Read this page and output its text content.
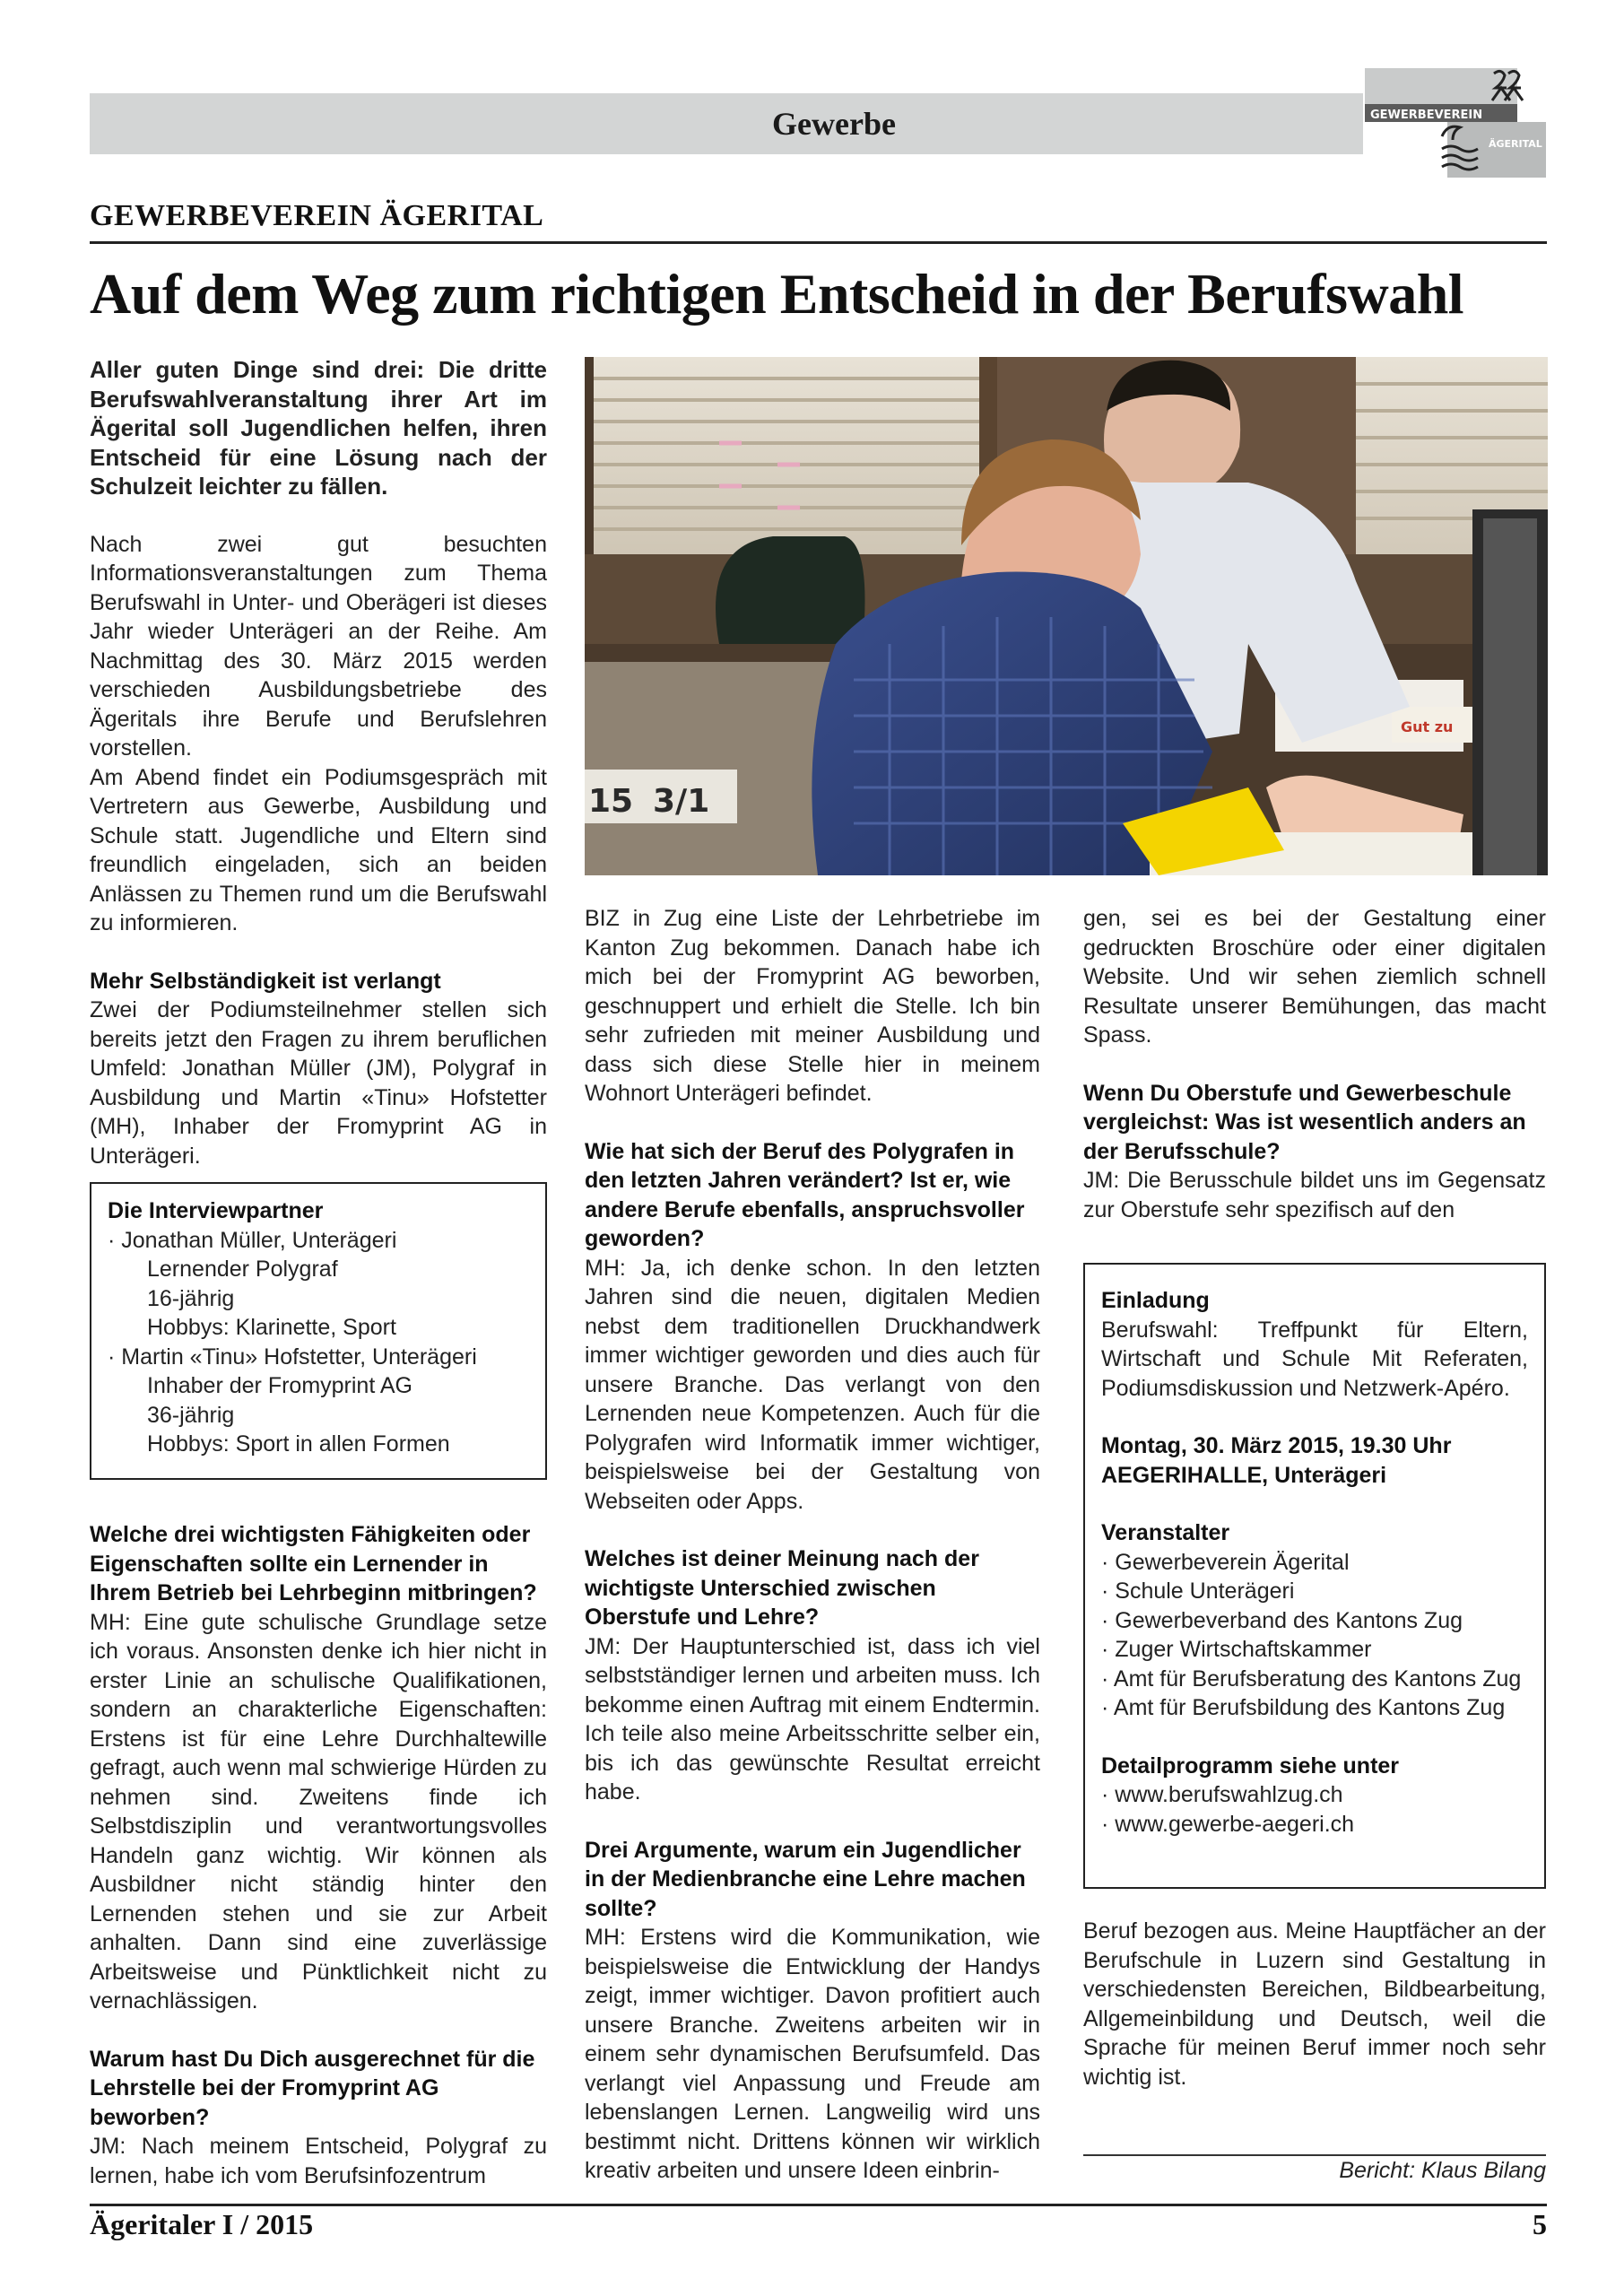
Gewerbe	GEWERBEVEREIN
ÄGERITAL
GEWERBEVEREIN ÄGERITAL
Auf dem Weg zum richtigen Entscheid in der Berufswahl

Aller guten Dinge sind drei: Die dritte Berufswahlveranstaltung ihrer Art im Ägerital soll Jugendlichen helfen, ihren Entscheid für eine Lösung nach der Schulzeit leichter zu fällen.

Nach zwei gut besuchten Informationsveranstaltungen zum Thema Berufswahl in Unter- und Oberägeri ist dieses Jahr wieder Unterägeri an der Reihe. Am Nachmittag des 30. März 2015 werden verschieden Ausbildungsbetriebe des Ägeritals ihre Berufe und Berufslehren vorstellen.

Am Abend findet ein Podiumsgespräch mit Vertretern aus Gewerbe, Ausbildung und Schule statt. Jugendliche und Eltern sind freundlich eingeladen, sich an beiden Anlässen zu Themen rund um die Berufswahl zu informieren.

Mehr Selbständigkeit ist verlangt

Zwei der Podiumsteilnehmer stellen sich bereits jetzt den Fragen zu ihrem beruflichen Umfeld: Jonathan Müller (JM), Polygraf in Ausbildung und Martin «Tinu» Hofstetter (MH), Inhaber der Fromyprint AG in Unterägeri.

Die Interviewpartner
· Jonathan Müller, Unterägeri
Lernender Polygraf
16-jährig
Hobbys: Klarinette, Sport
· Martin «Tinu» Hofstetter, Unterägeri
Inhaber der Fromyprint AG
36-jährig
Hobbys: Sport in allen Formen

Welche drei wichtigsten Fähigkeiten oder Eigenschaften sollte ein Lernender in Ihrem Betrieb bei Lehrbeginn mitbringen?

MH: Eine gute schulische Grundlage setze ich voraus. Ansonsten denke ich hier nicht in erster Linie an schulische Qualifikationen, sondern an charakterliche Eigenschaften: Erstens ist für eine Lehre Durchhaltewille gefragt, auch wenn mal schwierige Hürden zu nehmen sind. Zweitens finde ich Selbstdisziplin und verantwortungsvolles Handeln ganz wichtig. Wir können als Ausbildner nicht ständig hinter den Lernenden stehen und sie zur Arbeit anhalten. Dann sind eine zuverlässige Arbeitsweise und Pünktlichkeit nicht zu vernachlässigen.

Warum hast Du Dich ausgerechnet für die Lehrstelle bei der Fromyprint AG beworben?

JM: Nach meinem Entscheid, Polygraf zu lernen, habe ich vom Berufsinfozentrum

15 3/1
Gut zu

BIZ in Zug eine Liste der Lehrbetriebe im Kanton Zug bekommen. Danach habe ich mich bei der Fromyprint AG beworben, geschnuppert und erhielt die Stelle. Ich bin sehr zufrieden mit meiner Ausbildung und dass sich diese Stelle hier in meinem Wohnort Unterägeri befindet.

Wie hat sich der Beruf des Polygrafen in den letzten Jahren verändert? Ist er, wie andere Berufe ebenfalls, anspruchsvoller geworden?

MH: Ja, ich denke schon. In den letzten Jahren sind die neuen, digitalen Medien nebst dem traditionellen Druckhandwerk immer wichtiger geworden und dies auch für unsere Branche. Das verlangt von den Lernenden neue Kompetenzen. Auch für die Polygrafen wird Informatik immer wichtiger, beispielsweise bei der Gestaltung von Webseiten oder Apps.

Welches ist deiner Meinung nach der wichtigste Unterschied zwischen Oberstufe und Lehre?

JM: Der Hauptunterschied ist, dass ich viel selbstständiger lernen und arbeiten muss. Ich bekomme einen Auftrag mit einem Endtermin. Ich teile also meine Arbeitsschritte selber ein, bis ich das gewünschte Resultat erreicht habe.

Drei Argumente, warum ein Jugendlicher in der Medienbranche eine Lehre machen sollte?

MH: Erstens wird die Kommunikation, wie beispielsweise die Entwicklung der Handys zeigt, immer wichtiger. Davon profitiert auch unsere Branche. Zweitens arbeiten wir in einem sehr dynamischen Berufsumfeld. Das verlangt viel Anpassung und Freude am lebenslangen Lernen. Langweilig wird uns bestimmt nicht. Drittens können wir wirklich kreativ arbeiten und unsere Ideen einbrin-

gen, sei es bei der Gestaltung einer gedruckten Broschüre oder einer digitalen Website. Und wir sehen ziemlich schnell Resultate unserer Bemühungen, das macht Spass.

Wenn Du Oberstufe und Gewerbeschule vergleichst: Was ist wesentlich anders an der Berufsschule?

JM: Die Berusschule bildet uns im Gegensatz zur Oberstufe sehr spezifisch auf den

Einladung
Berufswahl: Treffpunkt für Eltern, Wirtschaft und Schule Mit Referaten, Podiumsdiskussion und Netzwerk-Apéro.
Montag, 30. März 2015, 19.30 Uhr
AEGERIHALLE, Unterägeri
Veranstalter
· Gewerbeverein Ägerital
· Schule Unterägeri
· Gewerbeverband des Kantons Zug
· Zuger Wirtschaftskammer
· Amt für Berufsberatung des Kantons Zug
· Amt für Berufsbildung des Kantons Zug
Detailprogramm siehe unter
· www.berufswahlzug.ch
· www.gewerbe-aegeri.ch

Beruf bezogen aus. Meine Hauptfächer an der Berufschule in Luzern sind Gestaltung in verschiedensten Bereichen, Bildbearbeitung, Allgemeinbildung und Deutsch, weil die Sprache für meinen Beruf immer noch sehr wichtig ist.

Bericht: Klaus Bilang
Ägeritaler I / 2015	5
